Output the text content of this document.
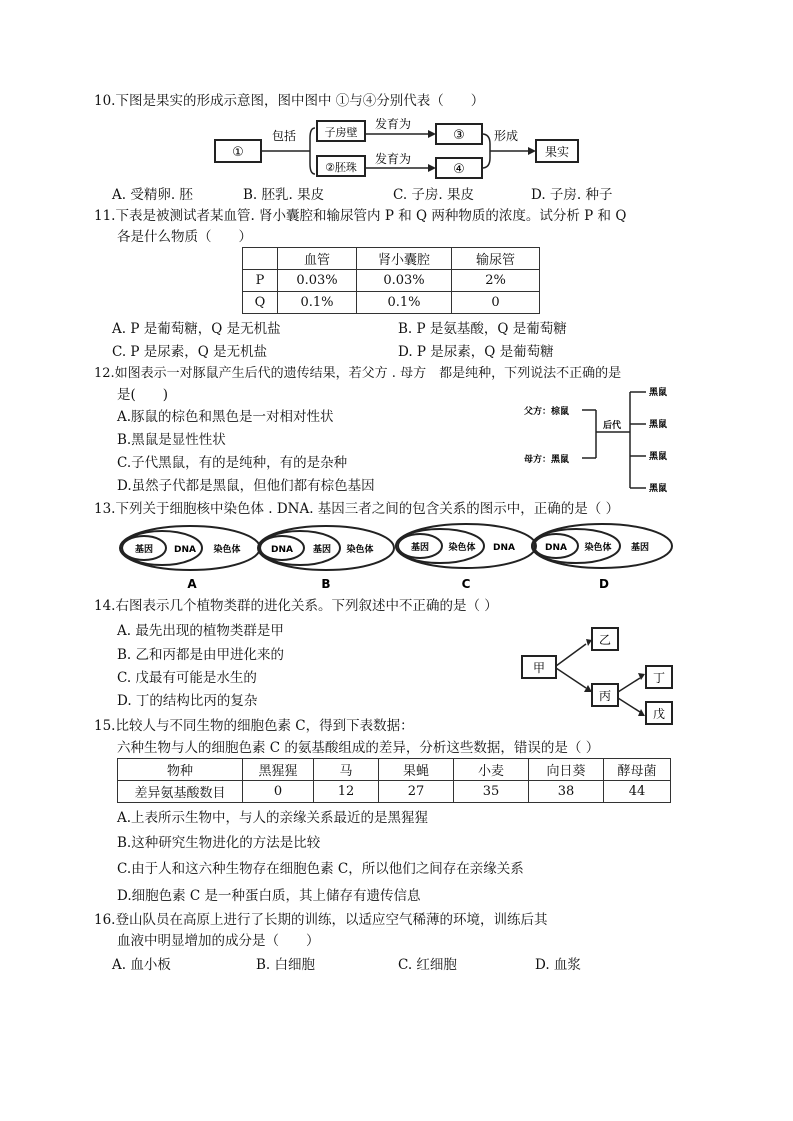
10.下图是果实的形成示意图，图中图中 ①与④分别代表（　　）
①
包括	子房壁
②胚珠
发育为
发育为
③
④
形成
果实
A. 受精卵. 胚	B. 胚乳. 果皮	C. 子房. 果皮	D. 子房. 种子
11.下表是被测试者某血管. 肾小囊腔和输尿管内 P 和 Q 两种物质的浓度。试分析 P 和 Q
各是什么物质（　　）
	血管	肾小囊腔	输尿管
P	0.03%	0.03%	2%
Q	0.1%	0.1%	0
A. P 是葡萄糖，Q 是无机盐	B. P 是氨基酸，Q 是葡萄糖
C. P 是尿素，Q 是无机盐	D. P 是尿素，Q 是葡萄糖
12.如图表示一对豚鼠产生后代的遗传结果，若父方 . 母方　都是纯种，下列说法不正确的是
是(　　)
A.豚鼠的棕色和黑色是一对相对性状
B.黑鼠是显性性状
C.子代黑鼠，有的是纯种，有的是杂种
D.虽然子代都是黑鼠，但他们都有棕色基因
父方：棕鼠
母方：黑鼠
后代
黑鼠
黑鼠
黑鼠
黑鼠
13.下列关于细胞核中染色体 . DNA. 基因三者之间的包含关系的图示中，正确的是（ ）
基因 DNA 染色体
A
DNA 基因 染色体
B
基因 染色体 DNA
C
DNA 染色体 基因
D
14.右图表示几个植物类群的进化关系。下列叙述中不正确的是（ ）
A. 最先出现的植物类群是甲
B. 乙和丙都是由甲进化来的
C. 戊最有可能是水生的
D. 丁的结构比丙的复杂
甲
乙
丙
丁
戊
15.比较人与不同生物的细胞色素 C，得到下表数据：
六种生物与人的细胞色素 C 的氨基酸组成的差异，分析这些数据，错误的是（ ）
物种	黑猩猩	马	果蝇	小麦	向日葵	酵母菌
差异氨基酸数目	0	12	27	35	38	44
A.上表所示生物中，与人的亲缘关系最近的是黑猩猩
B.这种研究生物进化的方法是比较
C.由于人和这六种生物存在细胞色素 C，所以他们之间存在亲缘关系
D.细胞色素 C 是一种蛋白质，其上储存有遗传信息
16.登山队员在高原上进行了长期的训练，以适应空气稀薄的环境，训练后其
血液中明显增加的成分是（　　）
A. 血小板	B. 白细胞	C. 红细胞	D. 血浆
